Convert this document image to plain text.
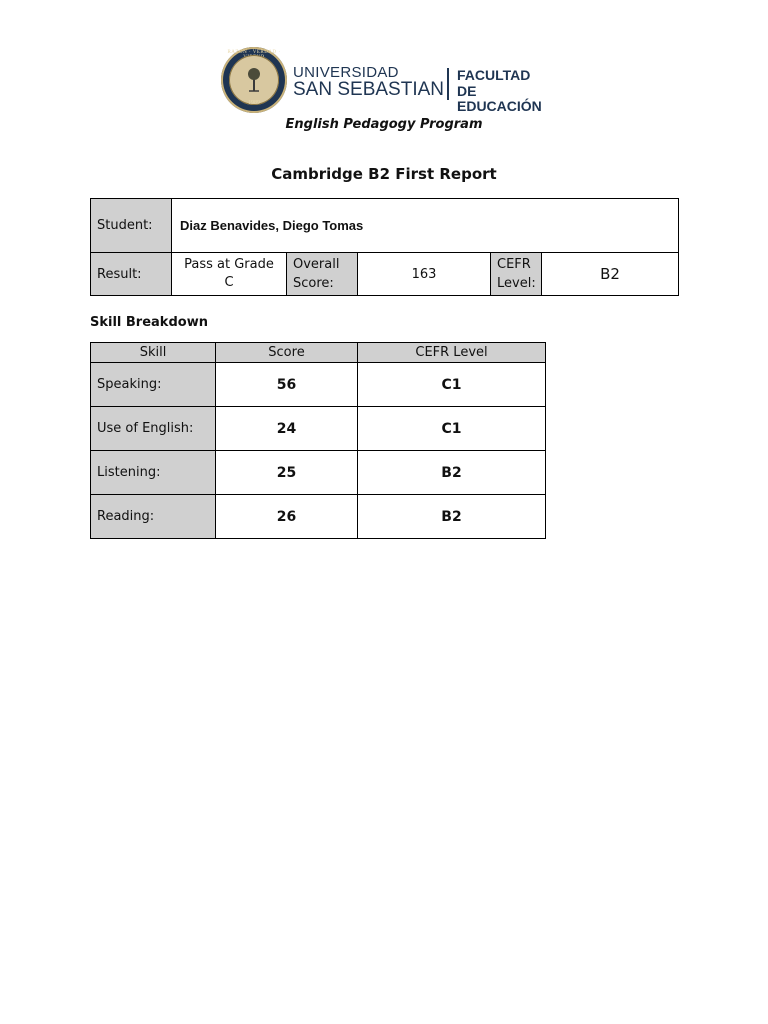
RAZON · VERDAD ·
1989
UNIVERSIDAD
SAN SEBASTIAN
FACULTAD
DE EDUCACIÓN
English Pedagogy Program
Cambridge B2 First Report
Student:	Diaz Benavides, Diego Tomas				
Result:	Pass at Grade C	Overall Score:	163	CEFR Level:	B2
Skill Breakdown
Skill	Score	CEFR Level
Speaking:	56	C1
Use of English:	24	C1
Listening:	25	B2
Reading:	26	B2
